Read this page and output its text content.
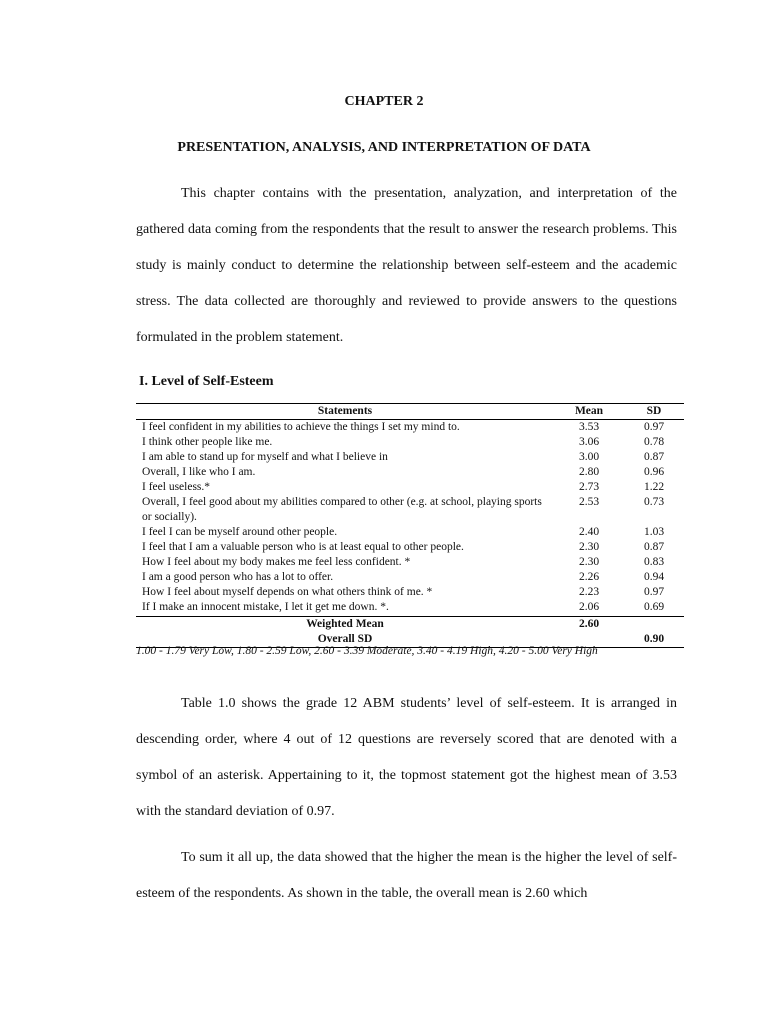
CHAPTER 2
PRESENTATION, ANALYSIS, AND INTERPRETATION OF DATA

This chapter contains with the presentation, analyzation, and interpretation of the gathered data coming from the respondents that the result to answer the research problems. This study is mainly conduct to determine the relationship between self-esteem and the academic stress. The data collected are thoroughly and reviewed to provide answers to the questions formulated in the problem statement.

I. Level of Self-Esteem
Statements	Mean	SD
I feel confident in my abilities to achieve the things I set my mind to.	3.53	0.97
I think other people like me.	3.06	0.78
I am able to stand up for myself and what I believe in	3.00	0.87
Overall, I like who I am.	2.80	0.96
I feel useless.*	2.73	1.22
Overall, I feel good about my abilities compared to other (e.g. at school, playing sports or socially).	2.53	0.73
I feel I can be myself around other people.	2.40	1.03
I feel that I am a valuable person who is at least equal to other people.	2.30	0.87
How I feel about my body makes me feel less confident. *	2.30	0.83
I am a good person who has a lot to offer.	2.26	0.94
How I feel about myself depends on what others think of me. *	2.23	0.97
If I make an innocent mistake, I let it get me down. *.	2.06	0.69
Weighted Mean	2.60	
Overall SD		0.90

1.00 - 1.79 Very Low, 1.80 - 2.59 Low, 2.60 - 3.39 Moderate, 3.40 - 4.19 High, 4.20 - 5.00 Very High

Table 1.0 shows the grade 12 ABM students’ level of self-esteem. It is arranged in descending order, where 4 out of 12 questions are reversely scored that are denoted with a symbol of an asterisk. Appertaining to it, the topmost statement got the highest mean of 3.53 with the standard deviation of 0.97.

To sum it all up, the data showed that the higher the mean is the higher the level of self-esteem of the respondents. As shown in the table, the overall mean is 2.60 which
